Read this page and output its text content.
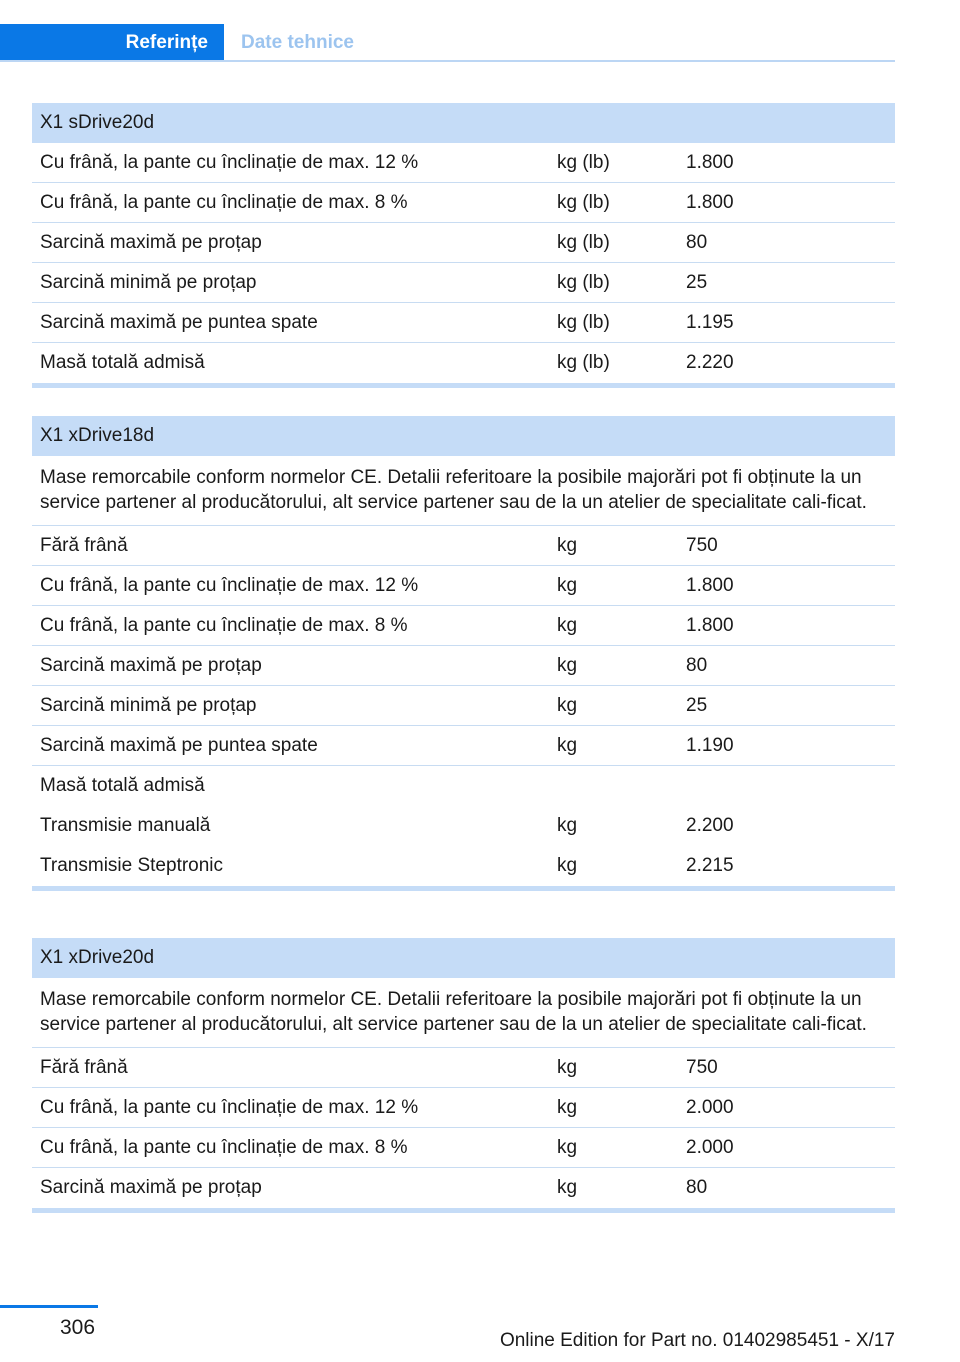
Referințe Date tehnice
X1 sDrive20d
Cu frână, la pante cu înclinație de max. 12 %	kg (lb)	1.800
Cu frână, la pante cu înclinație de max. 8 %	kg (lb)	1.800
Sarcină maximă pe proțap	kg (lb)	80
Sarcină minimă pe proțap	kg (lb)	25
Sarcină maximă pe puntea spate	kg (lb)	1.195
Masă totală admisă	kg (lb)	2.220
X1 xDrive18d
Mase remorcabile conform normelor CE. Detalii referitoare la posibile majorări pot fi obținute la un service partener al producătorului, alt service partener sau de la un atelier de specialitate cali‐ficat.
Fără frână	kg	750
Cu frână, la pante cu înclinație de max. 12 %	kg	1.800
Cu frână, la pante cu înclinație de max. 8 %	kg	1.800
Sarcină maximă pe proțap	kg	80
Sarcină minimă pe proțap	kg	25
Sarcină maximă pe puntea spate	kg	1.190
Masă totală admisă
Transmisie manuală	kg	2.200
Transmisie Steptronic	kg	2.215
X1 xDrive20d
Mase remorcabile conform normelor CE. Detalii referitoare la posibile majorări pot fi obținute la un service partener al producătorului, alt service partener sau de la un atelier de specialitate cali‐ficat.
Fără frână	kg	750
Cu frână, la pante cu înclinație de max. 12 %	kg	2.000
Cu frână, la pante cu înclinație de max. 8 %	kg	2.000
Sarcină maximă pe proțap	kg	80
306
Online Edition for Part no. 01402985451 - X/17
